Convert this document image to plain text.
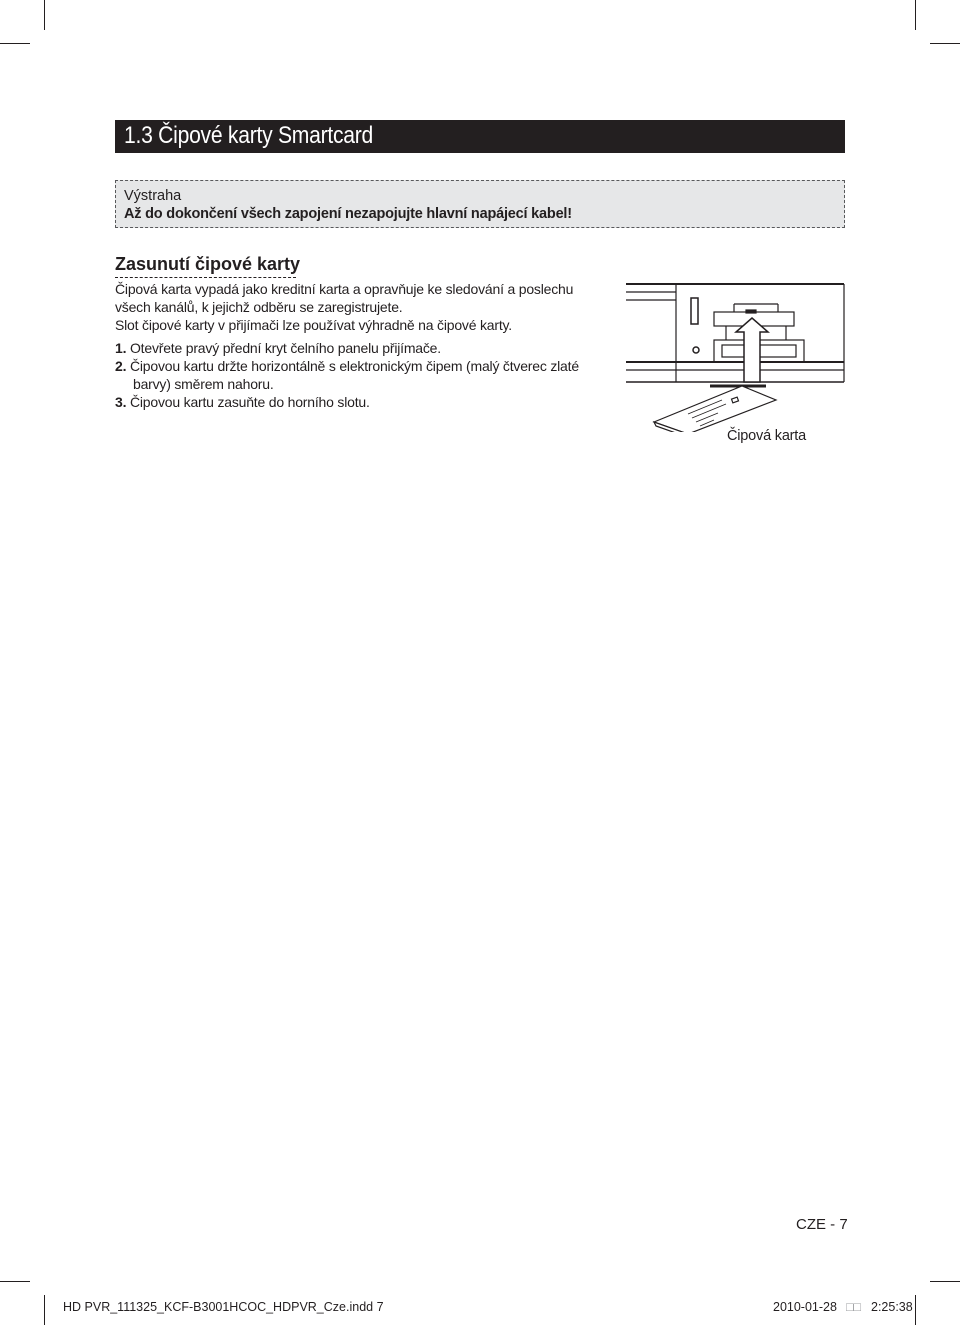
1.3 Čipové karty Smartcard
Výstraha
Až do dokončení všech zapojení nezapojujte hlavní napájecí kabel!
Zasunutí čipové karty
Čipová karta vypadá jako kreditní karta a opravňuje ke sledování a poslechu
všech kanálů, k jejichž odběru se zaregistrujete.
Slot čipové karty v přijímači lze používat výhradně na čipové karty.
1. Otevřete pravý přední kryt čelního panelu přijímače.
2. Čipovou kartu držte horizontálně s elektronickým čipem (malý čtverec zlaté
barvy) směrem nahoru.
3. Čipovou kartu zasuňte do horního slotu.
Čipová karta
CZE - 7
HD PVR_111325_KCF-B3001HCOC_HDPVR_Cze.indd 7	2010-01-28 □□ 2:25:38
